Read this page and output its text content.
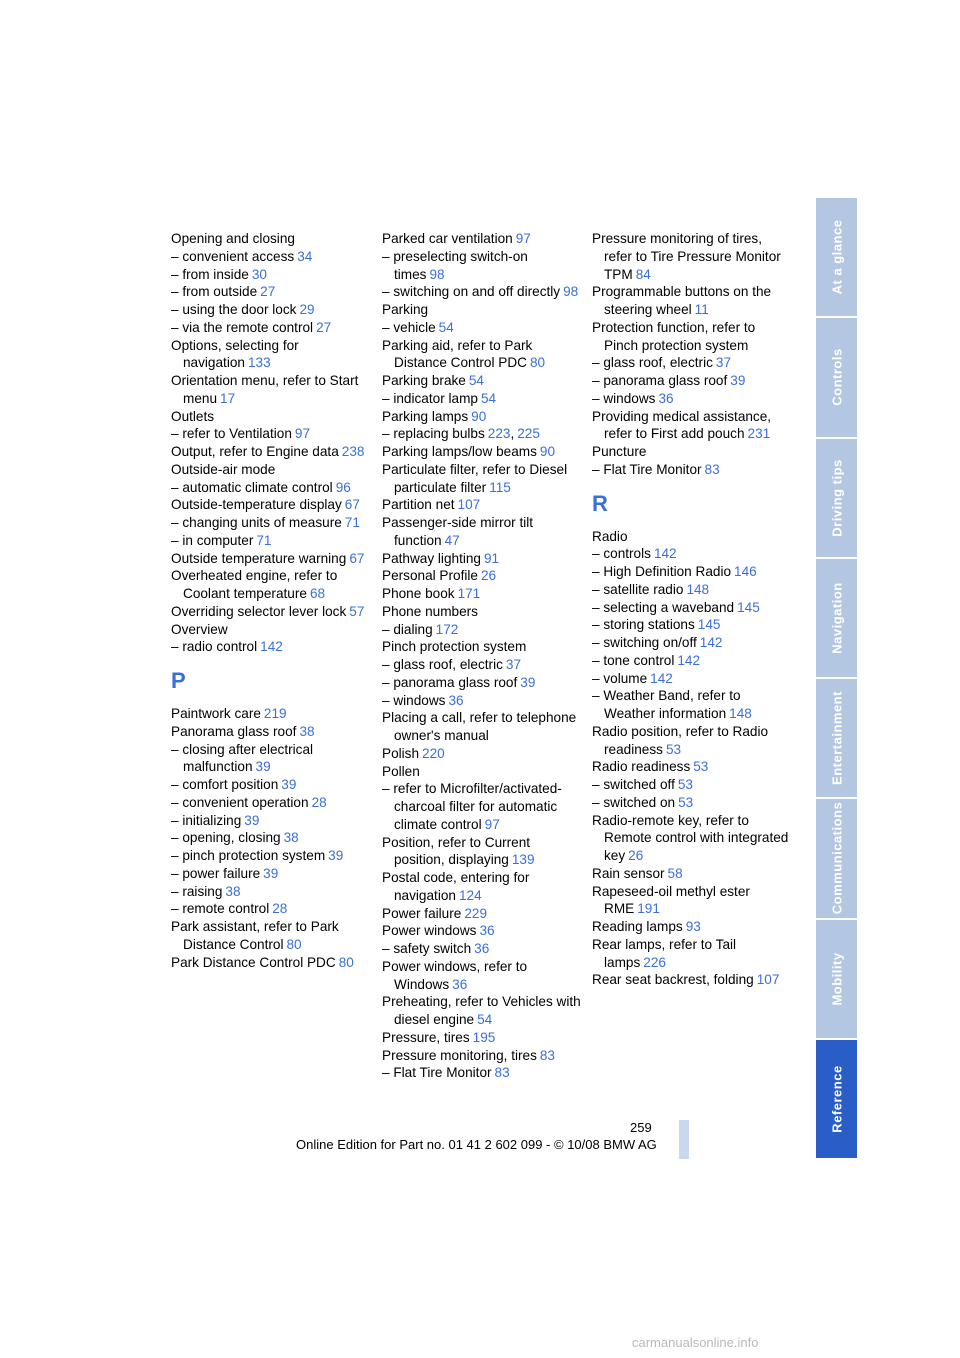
Opening and closing
– convenient access 34
– from inside 30
– from outside 27
– using the door lock 29
– via the remote control 27
Options, selecting for navigation 133
Orientation menu, refer to Start menu 17
Outlets
– refer to Ventilation 97
Output, refer to Engine data 238
Outside-air mode
– automatic climate control 96
Outside-temperature display 67
– changing units of measure 71
– in computer 71
Outside temperature warning 67
Overheated engine, refer to Coolant temperature 68
Overriding selector lever lock 57
Overview
– radio control 142
P
Paintwork care 219
Panorama glass roof 38
– closing after electrical malfunction 39
– comfort position 39
– convenient operation 28
– initializing 39
– opening, closing 38
– pinch protection system 39
– power failure 39
– raising 38
– remote control 28
Park assistant, refer to Park Distance Control 80
Park Distance Control PDC 80
Parked car ventilation 97
– preselecting switch-on times 98
– switching on and off directly 98
Parking
– vehicle 54
Parking aid, refer to Park Distance Control PDC 80
Parking brake 54
– indicator lamp 54
Parking lamps 90
– replacing bulbs 223, 225
Parking lamps/low beams 90
Particulate filter, refer to Diesel particulate filter 115
Partition net 107
Passenger-side mirror tilt function 47
Pathway lighting 91
Personal Profile 26
Phone book 171
Phone numbers
– dialing 172
Pinch protection system
– glass roof, electric 37
– panorama glass roof 39
– windows 36
Placing a call, refer to telephone owner's manual
Polish 220
Pollen
– refer to Microfilter/activated-charcoal filter for automatic climate control 97
Position, refer to Current position, displaying 139
Postal code, entering for navigation 124
Power failure 229
Power windows 36
– safety switch 36
Power windows, refer to Windows 36
Preheating, refer to Vehicles with diesel engine 54
Pressure, tires 195
Pressure monitoring, tires 83
– Flat Tire Monitor 83
Pressure monitoring of tires, refer to Tire Pressure Monitor TPM 84
Programmable buttons on the steering wheel 11
Protection function, refer to Pinch protection system
– glass roof, electric 37
– panorama glass roof 39
– windows 36
Providing medical assistance, refer to First add pouch 231
Puncture
– Flat Tire Monitor 83
R
Radio
– controls 142
– High Definition Radio 146
– satellite radio 148
– selecting a waveband 145
– storing stations 145
– switching on/off 142
– tone control 142
– volume 142
– Weather Band, refer to Weather information 148
Radio position, refer to Radio readiness 53
Radio readiness 53
– switched off 53
– switched on 53
Radio-remote key, refer to Remote control with integrated key 26
Rain sensor 58
Rapeseed-oil methyl ester RME 191
Reading lamps 93
Rear lamps, refer to Tail lamps 226
Rear seat backrest, folding 107
At a glance
Controls
Driving tips
Navigation
Entertainment
Communications
Mobility
Reference
259
Online Edition for Part no. 01 41 2 602 099 - © 10/08 BMW AG
carmanualsonline.info
